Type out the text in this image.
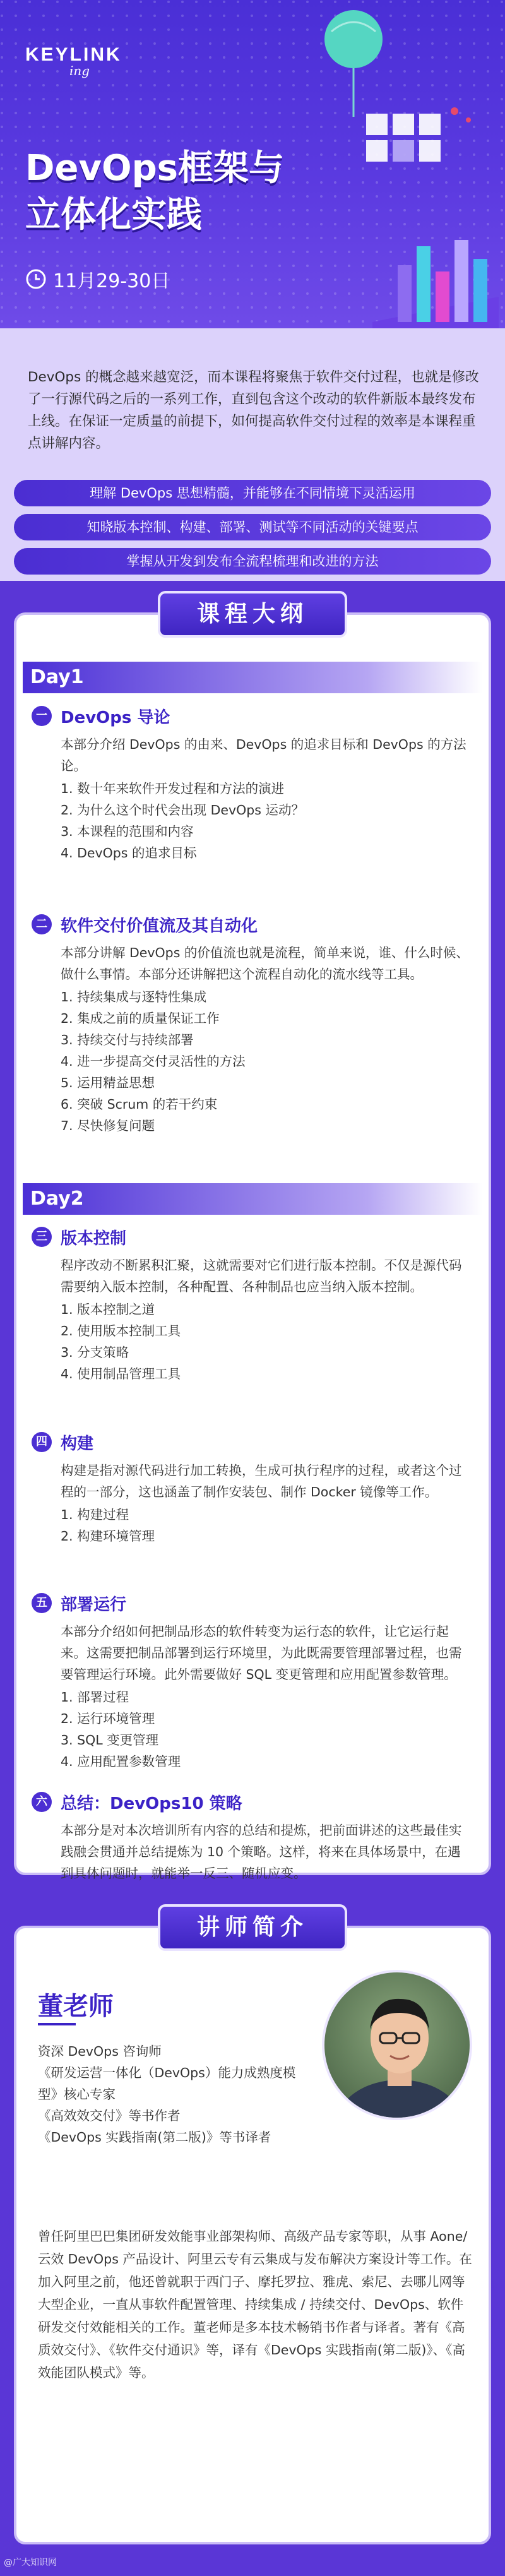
KEYLINK
ing
DevOps框架与
立体化实践
11月29-30日
DevOps 的概念越来越宽泛，而本课程将聚焦于软件交付过程，也就是修改了一行源代码之后的一系列工作，直到包含这个改动的软件新版本最终发布上线。在保证一定质量的前提下，如何提高软件交付过程的效率是本课程重点讲解内容。
理解 DevOps 思想精髓，并能够在不同情境下灵活运用
知晓版本控制、构建、部署、测试等不同活动的关键要点
掌握从开发到发布全流程梳理和改进的方法
课程大纲
Day1
一 DevOps 导论
本部分介绍 DevOps 的由来、DevOps 的追求目标和 DevOps 的方法论。
1. 数十年来软件开发过程和方法的演进
2. 为什么这个时代会出现 DevOps 运动？
3. 本课程的范围和内容
4. DevOps 的追求目标
二 软件交付价值流及其自动化
本部分讲解 DevOps 的价值流也就是流程，简单来说，谁、什么时候、做什么事情。本部分还讲解把这个流程自动化的流水线等工具。
1. 持续集成与逐特性集成
2. 集成之前的质量保证工作
3. 持续交付与持续部署
4. 进一步提高交付灵活性的方法
5. 运用精益思想
6. 突破 Scrum 的若干约束
7. 尽快修复问题
Day2
三 版本控制
程序改动不断累积汇聚，这就需要对它们进行版本控制。不仅是源代码需要纳入版本控制，各种配置、各种制品也应当纳入版本控制。
1. 版本控制之道
2. 使用版本控制工具
3. 分支策略
4. 使用制品管理工具
四 构建
构建是指对源代码进行加工转换，生成可执行程序的过程，或者这个过程的一部分，这也涵盖了制作安装包、制作 Docker 镜像等工作。
1. 构建过程
2. 构建环境管理
五 部署运行
本部分介绍如何把制品形态的软件转变为运行态的软件，让它运行起来。这需要把制品部署到运行环境里，为此既需要管理部署过程，也需要管理运行环境。此外需要做好 SQL 变更管理和应用配置参数管理。
1. 部署过程
2. 运行环境管理
3. SQL 变更管理
4. 应用配置参数管理
六 总结：DevOps10 策略
本部分是对本次培训所有内容的总结和提炼，把前面讲述的这些最佳实践融会贯通并总结提炼为 10 个策略。这样，将来在具体场景中，在遇到具体问题时，就能举一反三、随机应变。
讲师简介
董老师
资深 DevOps 咨询师
《研发运营一体化（DevOps）能力成熟度模型》核心专家
《高效效交付》等书作者
《DevOps 实践指南(第二版)》等书译者
曾任阿里巴巴集团研发效能事业部架构师、高级产品专家等职，从事 Aone/ 云效 DevOps 产品设计、阿里云专有云集成与发布解决方案设计等工作。在加入阿里之前，他还曾就职于西门子、摩托罗拉、雅虎、索尼、去哪儿网等大型企业，一直从事软件配置管理、持续集成 / 持续交付、DevOps、软件研发交付效能相关的工作。董老师是多本技术畅销书作者与译者。著有《高质效交付》、《软件交付通识》等，译有《DevOps 实践指南(第二版)》、《高效能团队模式》等。
@广大知识网
